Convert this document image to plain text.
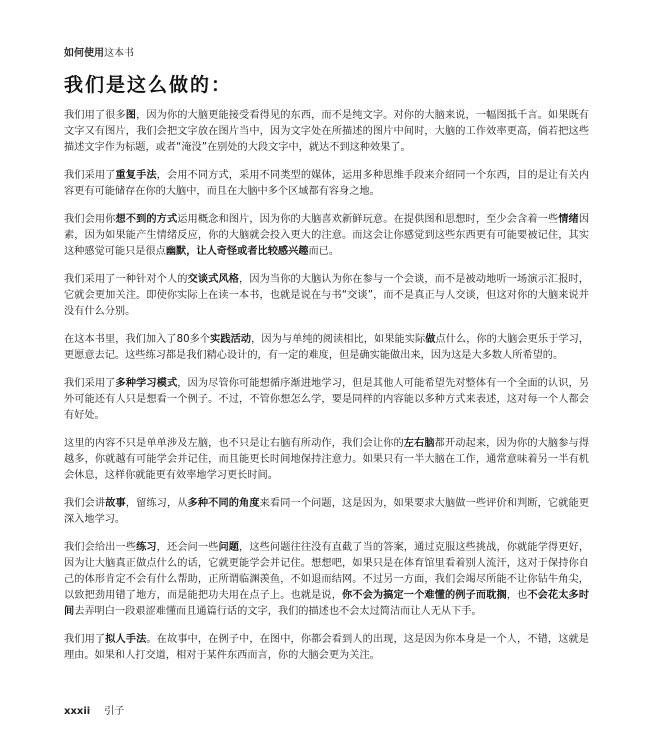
如何使用这本书
我们是这么做的：

我们用了很多图，因为你的大脑更能接受看得见的东西，而不是纯文字。对你的大脑来说，一幅图抵千言。如果既有文字又有图片，我们会把文字放在图片当中，因为文字处在所描述的图片中间时，大脑的工作效率更高，倘若把这些描述文字作为标题，或者“淹没”在别处的大段文字中，就达不到这种效果了。

我们采用了重复手法，会用不同方式，采用不同类型的媒体，运用多种思维手段来介绍同一个东西，目的是让有关内容更有可能储存在你的大脑中，而且在大脑中多个区域都有容身之地。

我们会用你想不到的方式运用概念和图片，因为你的大脑喜欢新鲜玩意。在提供图和思想时，至少会含着一些情绪因素，因为如果能产生情绪反应，你的大脑就会投入更大的注意。而这会让你感觉到这些东西更有可能要被记住，其实这种感觉可能只是很点幽默，让人奇怪或者比较感兴趣而已。

我们采用了一种针对个人的交谈式风格，因为当你的大脑认为你在参与一个会谈，而不是被动地听一场演示汇报时，它就会更加关注。即使你实际上在读一本书，也就是说在与书“交谈”，而不是真正与人交谈，但这对你的大脑来说并没有什么分别。

在这本书里，我们加入了80多个实践活动，因为与单纯的阅读相比，如果能实际做点什么，你的大脑会更乐于学习，更愿意去记。这些练习都是我们精心设计的，有一定的难度，但是确实能做出来，因为这是大多数人所希望的。

我们采用了多种学习模式，因为尽管你可能想循序渐进地学习，但是其他人可能希望先对整体有一个全面的认识，另外可能还有人只是想看一个例子。不过，不管你想怎么学，要是同样的内容能以多种方式来表述，这对每一个人都会有好处。

这里的内容不只是单单涉及左脑，也不只是让右脑有所动作，我们会让你的左右脑都开动起来，因为你的大脑参与得越多，你就越有可能学会并记住，而且能更长时间地保持注意力。如果只有一半大脑在工作，通常意味着另一半有机会休息，这样你就能更有效率地学习更长时间。

我们会讲故事，留练习，从多种不同的角度来看同一个问题，这是因为，如果要求大脑做一些评价和判断，它就能更深入地学习。

我们会给出一些练习，还会问一些问题，这些问题往往没有直截了当的答案，通过克服这些挑战，你就能学得更好，因为让大脑真正做点什么的话，它就更能学会并记住。想想吧，如果只是在体育馆里看着别人流汗，这对于保持你自己的体形肯定不会有什么帮助，正所谓临渊羡鱼，不如退而结网。不过另一方面，我们会竭尽所能不让你钻牛角尖，以致把劲用错了地方，而是能把功夫用在点子上。也就是说，你不会为搞定一个难懂的例子而耽搁，也不会花太多时间去弄明白一段艰涩难懂而且通篇行话的文字，我们的描述也不会太过简洁而让人无从下手。

我们用了拟人手法。在故事中，在例子中，在图中，你都会看到人的出现，这是因为你本身是一个人，不错，这就是理由。如果和人打交道，相对于某件东西而言，你的大脑会更为关注。

xxxii 引子
